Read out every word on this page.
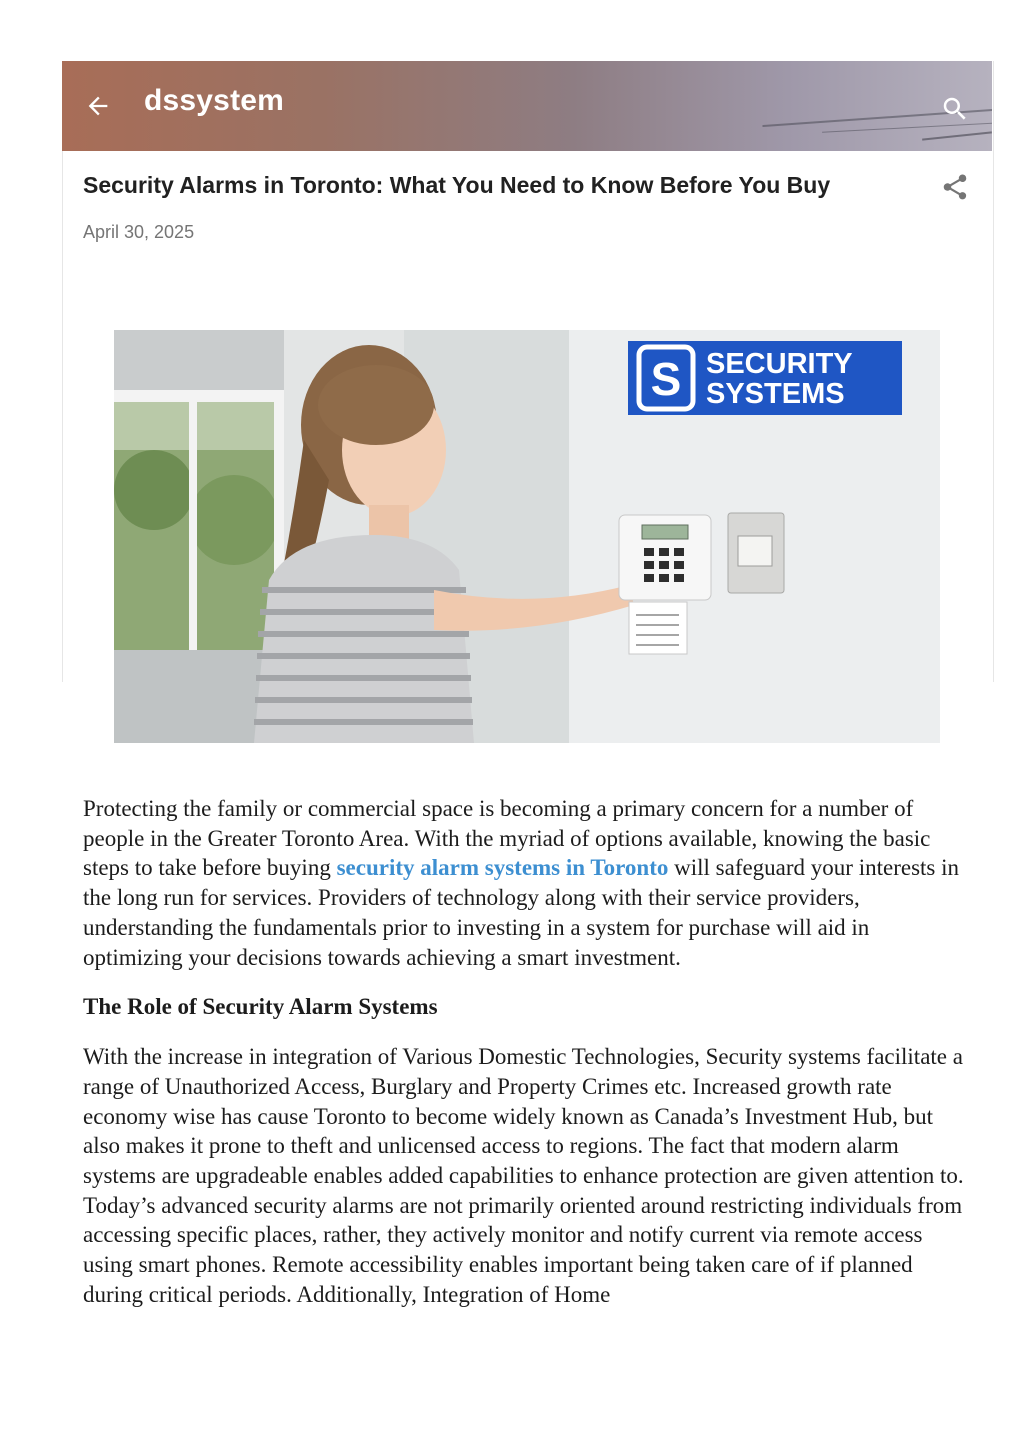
dssystem
Security Alarms in Toronto: What You Need to Know Before You Buy
April 30, 2025
S SECURITY
SYSTEMS

Protecting the family or commercial space is becoming a primary concern for a number of people in the Greater Toronto Area. With the myriad of options available, knowing the basic steps to take before buying security alarm systems in Toronto will safeguard your interests in the long run for services. Providers of technology along with their service providers, understanding the fundamentals prior to investing in a system for purchase will aid in optimizing your decisions towards achieving a smart investment.

The Role of Security Alarm Systems

With the increase in integration of Various Domestic Technologies, Security systems facilitate a range of Unauthorized Access, Burglary and Property Crimes etc. Increased growth rate economy wise has cause Toronto to become widely known as Canada’s Investment Hub, but also makes it prone to theft and unlicensed access to regions. The fact that modern alarm systems are upgradeable enables added capabilities to enhance protection are given attention to. Today’s advanced security alarms are not primarily oriented around restricting individuals from accessing specific places, rather, they actively monitor and notify current via remote access using smart phones. Remote accessibility enables important being taken care of if planned during critical periods. Additionally, Integration of Home
